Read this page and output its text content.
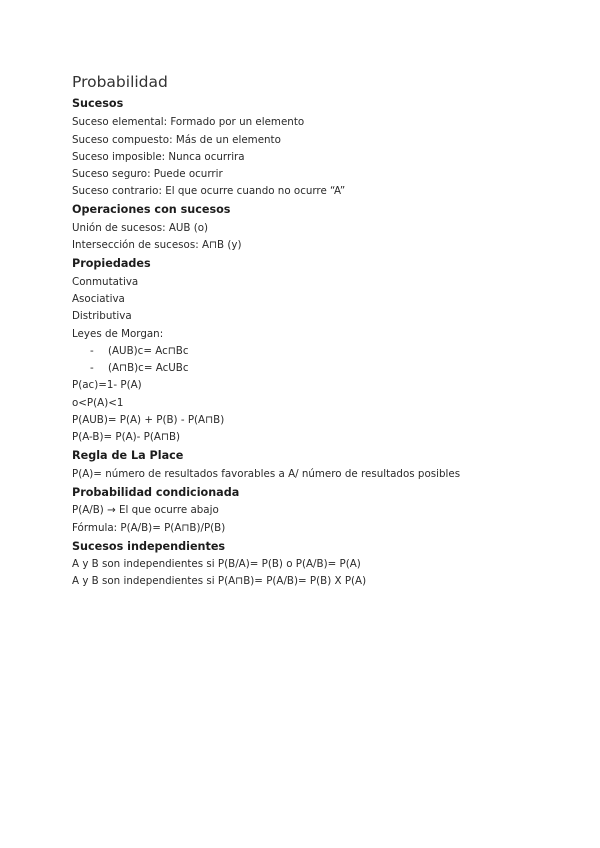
Probabilidad
Sucesos
Suceso elemental: Formado por un elemento
Suceso compuesto: Más de un elemento
Suceso imposible: Nunca ocurrira
Suceso seguro: Puede ocurrir
Suceso contrario: El que ocurre cuando no ocurre “A”
Operaciones con sucesos
Unión de sucesos: AUB (o)
Intersección de sucesos: A⊓B (y)
Propiedades
Conmutativa
Asociativa
Distributiva
Leyes de Morgan:
- (AUB)c= Ac⊓Bc
- (A⊓B)c= AcUBc
P(ac)=1- P(A)
o<P(A)<1
P(AUB)= P(A) + P(B) - P(A⊓B)
P(A-B)= P(A)- P(A⊓B)
Regla de La Place
P(A)= número de resultados favorables a A/ número de resultados posibles
Probabilidad condicionada
P(A/B) → El que ocurre abajo
Fórmula: P(A/B)= P(A⊓B)/P(B)
Sucesos independientes
A y B son independientes si P(B/A)= P(B) o P(A/B)= P(A)
A y B son independientes si P(A⊓B)= P(A/B)= P(B) X P(A)
